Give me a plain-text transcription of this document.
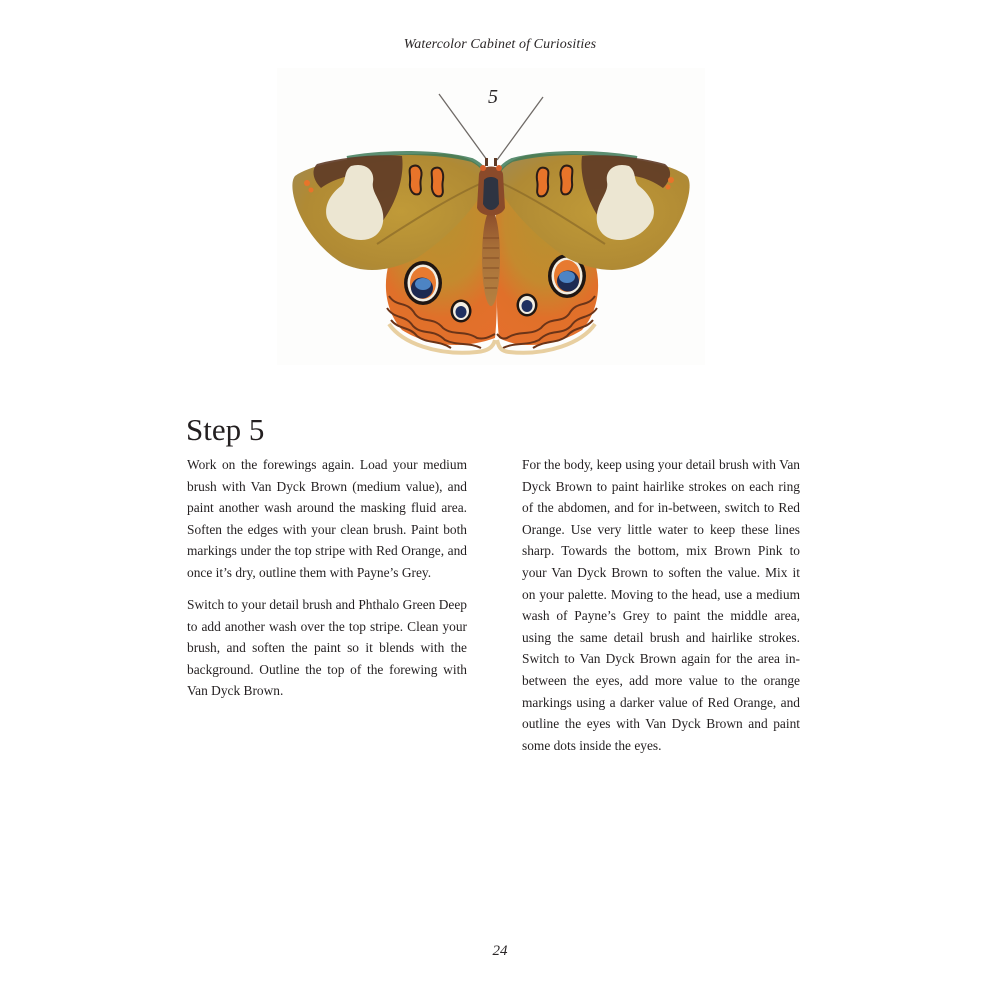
Watercolor Cabinet of Curiosities
5
Step 5

Work on the forewings again. Load your medium brush with Van Dyck Brown (medium value), and paint another wash around the masking fluid area. Soften the edges with your clean brush. Paint both markings under the top stripe with Red Orange, and once it’s dry, outline them with Payne’s Grey.

Switch to your detail brush and Phthalo Green Deep to add another wash over the top stripe. Clean your brush, and soften the paint so it blends with the background. Outline the top of the forewing with Van Dyck Brown.

For the body, keep using your detail brush with Van Dyck Brown to paint hairlike strokes on each ring of the abdomen, and for in-between, switch to Red Orange. Use very little water to keep these lines sharp. Towards the bottom, mix Brown Pink to your Van Dyck Brown to soften the value. Mix it on your palette. Moving to the head, use a medium wash of Payne’s Grey to paint the middle area, using the same detail brush and hairlike strokes. Switch to Van Dyck Brown again for the area in-between the eyes, add more value to the orange markings using a darker value of Red Orange, and outline the eyes with Van Dyck Brown and paint some dots inside the eyes.

24
